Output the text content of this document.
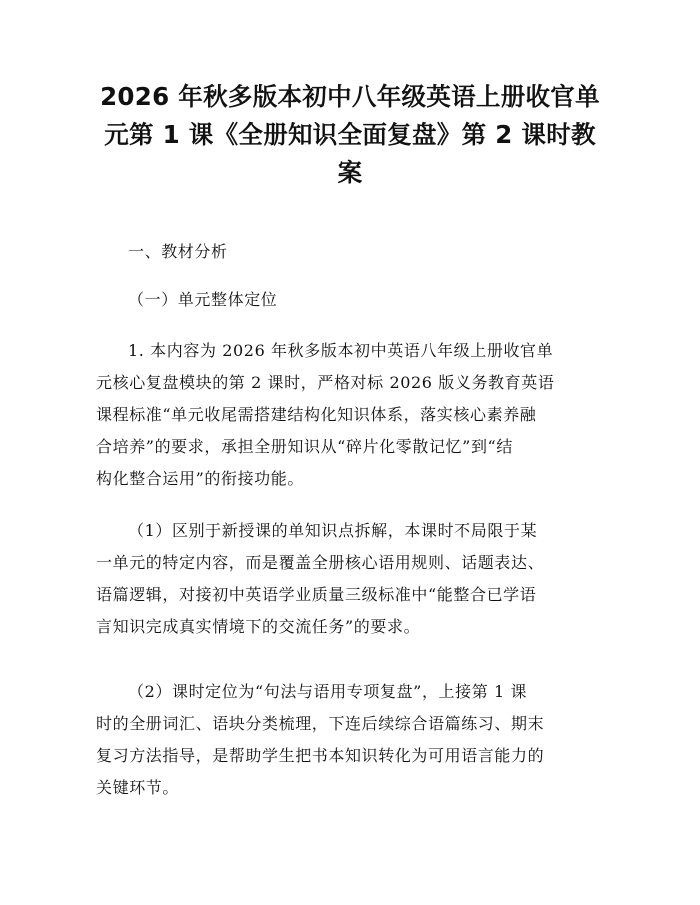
2026 年秋多版本初中八年级英语上册收官单
元第 1 课《全册知识全面复盘》第 2 课时教
案

一、教材分析

（一）单元整体定位

1. 本内容为 2026 年秋多版本初中英语八年级上册收官单
元核心复盘模块的第 2 课时，严格对标 2026 版义务教育英语
课程标准“单元收尾需搭建结构化知识体系，落实核心素养融
合培养”的要求，承担全册知识从“碎片化零散记忆”到“结
构化整合运用”的衔接功能。

（1）区别于新授课的单知识点拆解，本课时不局限于某
一单元的特定内容，而是覆盖全册核心语用规则、话题表达、
语篇逻辑，对接初中英语学业质量三级标准中“能整合已学语
言知识完成真实情境下的交流任务”的要求。

（2）课时定位为“句法与语用专项复盘”，上接第 1 课
时的全册词汇、语块分类梳理，下连后续综合语篇练习、期末
复习方法指导，是帮助学生把书本知识转化为可用语言能力的
关键环节。
